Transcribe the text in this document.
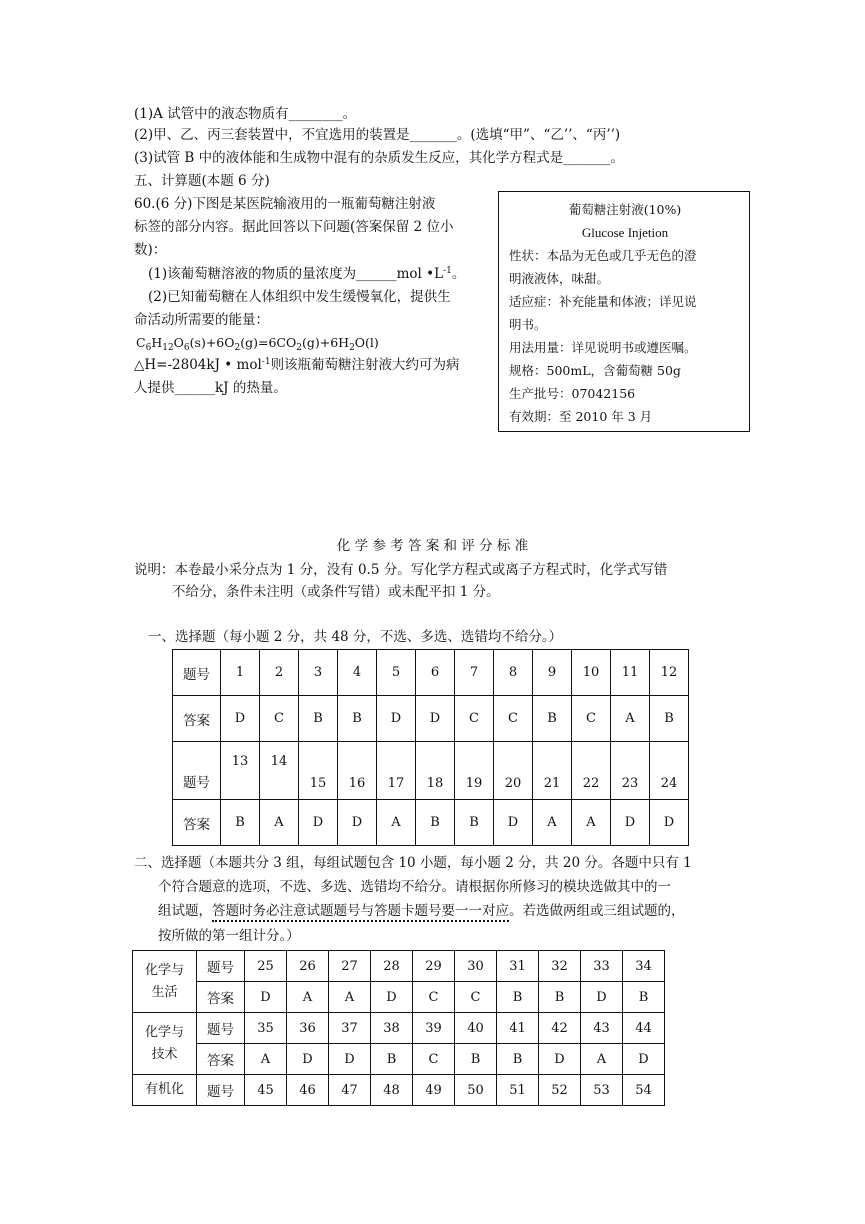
(1)A 试管中的液态物质有________。
(2)甲、乙、丙三套装置中，不宜选用的装置是_______。(选填“甲”、“乙’’、“丙’’)
(3)试管 B 中的液体能和生成物中混有的杂质发生反应，其化学方程式是_______。
五、计算题(本题 6 分)
60.(6 分)下图是某医院输液用的一瓶葡萄糖注射液
标签的部分内容。据此回答以下问题(答案保留 2 位小
数)：
(1)该葡萄糖溶液的物质的量浓度为______mol $•L^{-1}$。
(2)已知葡萄糖在人体组织中发生缓慢氧化，提供生
命活动所需要的能量：
$C_6H_{12}O_6(s)+6O_2(g)=6CO_2(g)+6H_2O(l)$
△H=-2804kJ • mol$^{-1}$则该瓶葡萄糖注射液大约可为病
人提供______kJ 的热量。
葡萄糖注射液(10%)
Glucose Injetion
性状：本品为无色或几乎无色的澄
明液液体，味甜。
适应症：补充能量和体液；详见说
明书。
用法用量：详见说明书或遵医嘱。
规格：500mL，含葡萄糖 50g
生产批号：07042156
有效期：至 2010 年 3 月
化 学 参 考 答 案 和 评 分 标 准
说明：本卷最小采分点为 1 分，没有 0.5 分。写化学方程式或离子方程式时，化学式写错
不给分，条件未注明（或条件写错）或未配平扣 1 分。
一、选择题（每小题 2 分，共 48 分，不选、多选、选错均不给分。）
题号	1	2	3	4	5	6	7	8	9	10	11	12
答案	D	C	B	B	D	D	C	C	B	C	A	B
题号	13	14	15	16	17	18	19	20	21	22	23	24
答案	B	A	D	D	A	B	B	D	A	A	D	D
二、选择题（本题共分 3 组，每组试题包含 10 小题，每小题 2 分，共 20 分。各题中只有 1
个符合题意的选项，不选、多选、选错均不给分。请根据你所修习的模块选做其中的一
组试题，答题时务必注意试题题号与答题卡题号要一一对应。若选做两组或三组试题的，
按所做的第一组计分。）
化学与
生活	题号	25	26	27	28	29	30	31	32	33	34
	答案	D	A	A	D	C	C	B	B	D	B
化学与
技术	题号	35	36	37	38	39	40	41	42	43	44
	答案	A	D	D	B	C	B	B	D	A	D
有机化	题号	45	46	47	48	49	50	51	52	53	54
